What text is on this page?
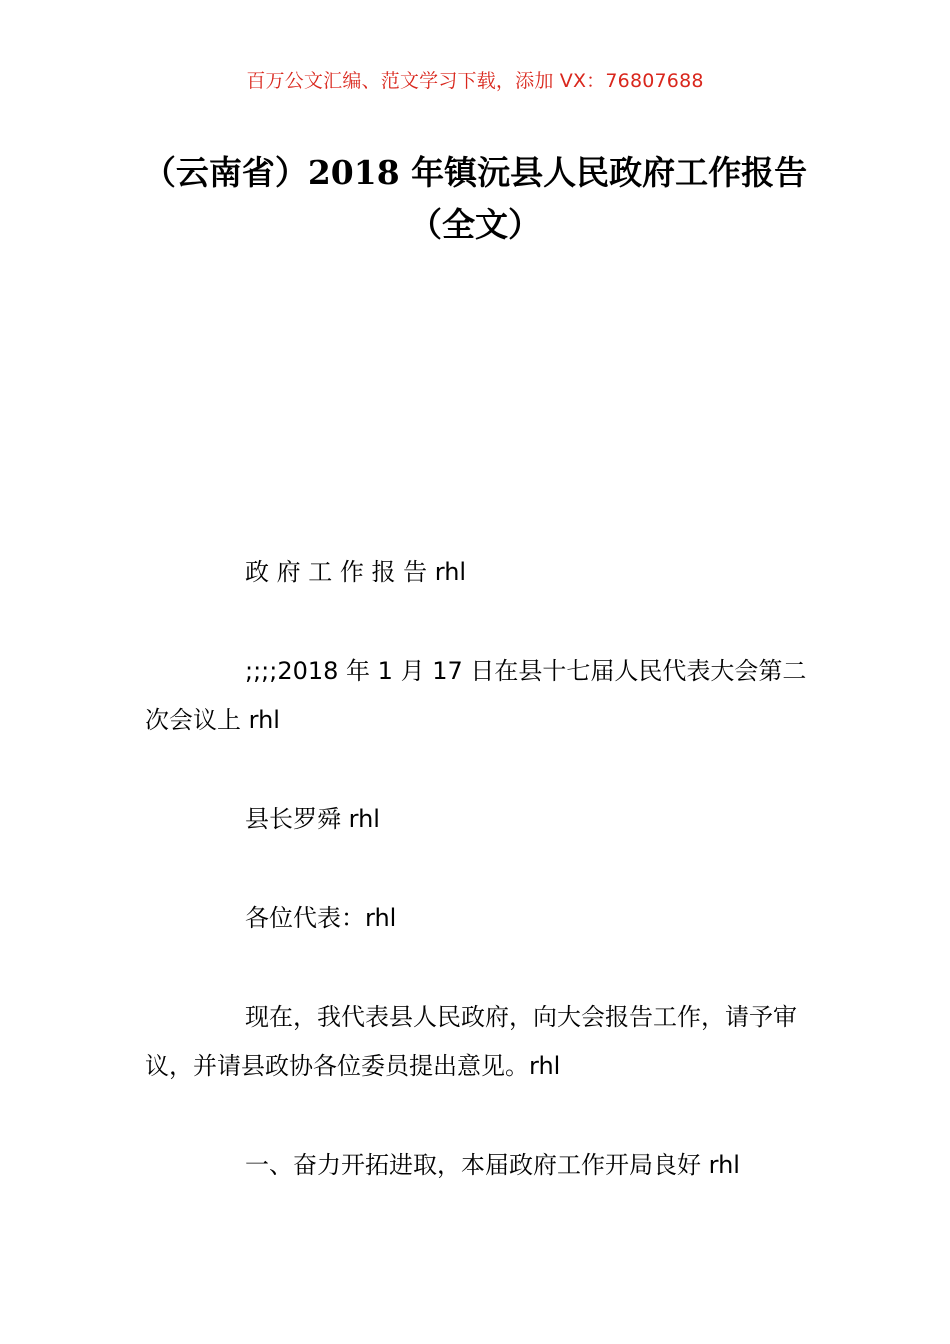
百万公文汇编、范文学习下载，添加 VX：76807688
（云南省）2018 年镇沅县人民政府工作报告（全文）

政 府 工 作 报 告 rhl

;;;;2018 年 1 月 17 日在县十七届人民代表大会第二次会议上 rhl

县长罗舜 rhl

各位代表：rhl

现在，我代表县人民政府，向大会报告工作，请予审议，并请县政协各位委员提出意见。rhl

一、奋力开拓进取，本届政府工作开局良好 rhl
